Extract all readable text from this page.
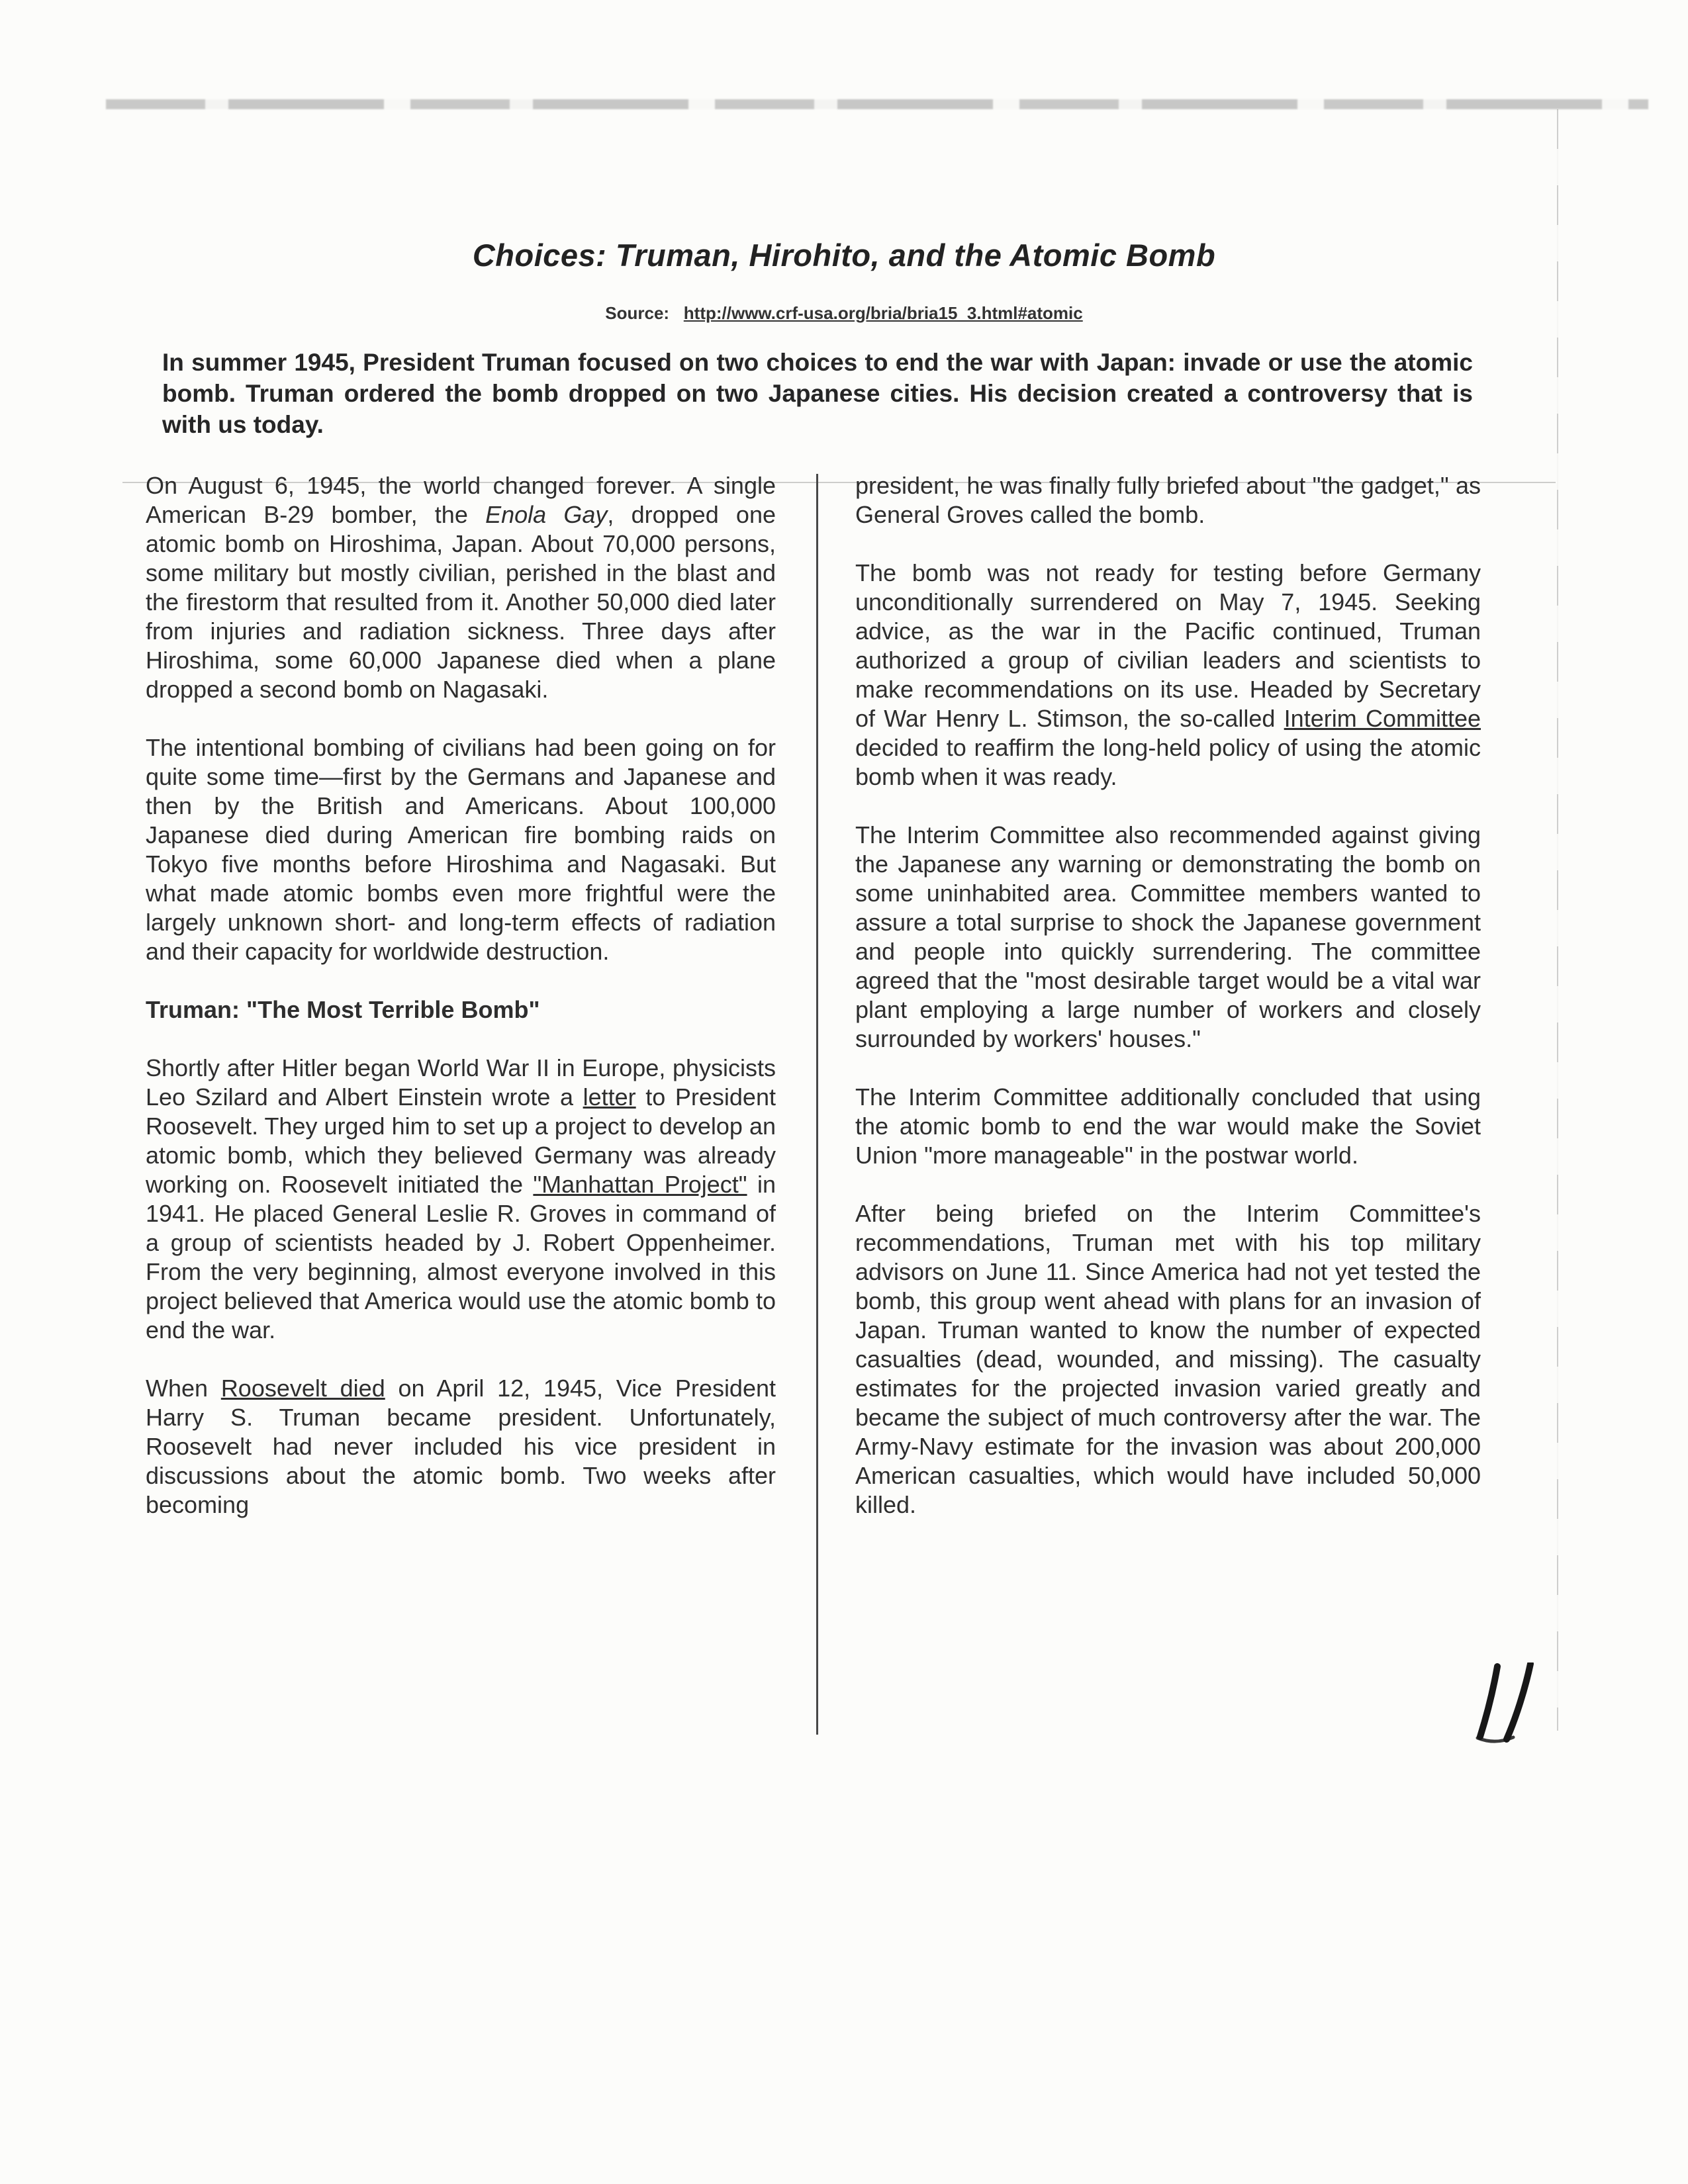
Choices: Truman, Hirohito, and the Atomic Bomb
Source: http://www.crf-usa.org/bria/bria15_3.html#atomic

In summer 1945, President Truman focused on two choices to end the war with Japan: invade or use the atomic bomb. Truman ordered the bomb dropped on two Japanese cities. His decision created a controversy that is with us today.

On August 6, 1945, the world changed forever. A single American B-29 bomber, the Enola Gay, dropped one atomic bomb on Hiroshima, Japan. About 70,000 persons, some military but mostly civilian, perished in the blast and the firestorm that resulted from it. Another 50,000 died later from injuries and radiation sickness. Three days after Hiroshima, some 60,000 Japanese died when a plane dropped a second bomb on Nagasaki.

The intentional bombing of civilians had been going on for quite some time—first by the Germans and Japanese and then by the British and Americans. About 100,000 Japanese died during American fire bombing raids on Tokyo five months before Hiroshima and Nagasaki. But what made atomic bombs even more frightful were the largely unknown short- and long-term effects of radiation and their capacity for worldwide destruction.

Truman: "The Most Terrible Bomb"

Shortly after Hitler began World War II in Europe, physicists Leo Szilard and Albert Einstein wrote a letter to President Roosevelt. They urged him to set up a project to develop an atomic bomb, which they believed Germany was already working on. Roosevelt initiated the "Manhattan Project" in 1941. He placed General Leslie R. Groves in command of a group of scientists headed by J. Robert Oppenheimer. From the very beginning, almost everyone involved in this project believed that America would use the atomic bomb to end the war.

When Roosevelt died on April 12, 1945, Vice President Harry S. Truman became president. Unfortunately, Roosevelt had never included his vice president in discussions about the atomic bomb. Two weeks after becoming

president, he was finally fully briefed about "the gadget," as General Groves called the bomb.

The bomb was not ready for testing before Germany unconditionally surrendered on May 7, 1945. Seeking advice, as the war in the Pacific continued, Truman authorized a group of civilian leaders and scientists to make recommendations on its use. Headed by Secretary of War Henry L. Stimson, the so-called Interim Committee decided to reaffirm the long-held policy of using the atomic bomb when it was ready.

The Interim Committee also recommended against giving the Japanese any warning or demonstrating the bomb on some uninhabited area. Committee members wanted to assure a total surprise to shock the Japanese government and people into quickly surrendering. The committee agreed that the "most desirable target would be a vital war plant employing a large number of workers and closely surrounded by workers' houses."

The Interim Committee additionally concluded that using the atomic bomb to end the war would make the Soviet Union "more manageable" in the postwar world.

After being briefed on the Interim Committee's recommendations, Truman met with his top military advisors on June 11. Since America had not yet tested the bomb, this group went ahead with plans for an invasion of Japan. Truman wanted to know the number of expected casualties (dead, wounded, and missing). The casualty estimates for the projected invasion varied greatly and became the subject of much controversy after the war. The Army-Navy estimate for the invasion was about 200,000 American casualties, which would have included 50,000 killed.
